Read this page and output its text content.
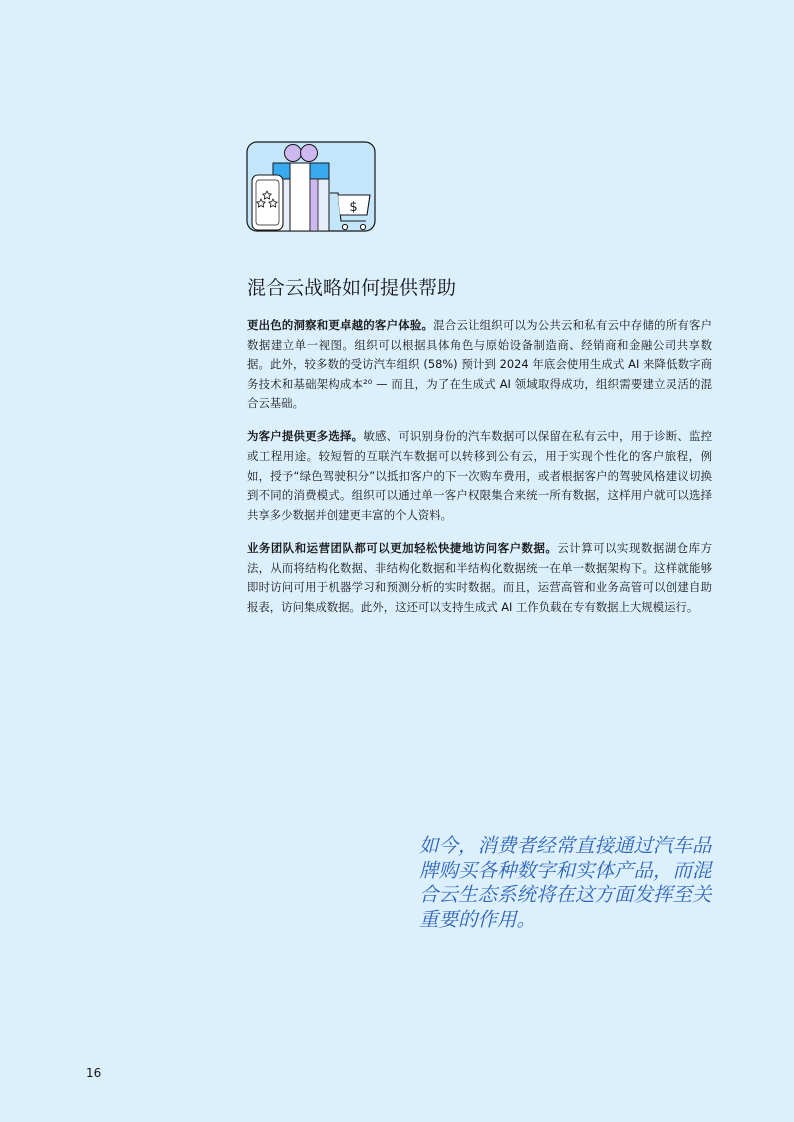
$
混合云战略如何提供帮助

更出色的洞察和更卓越的客户体验。混合云让组织可以为公共云和私有云中存储的所有客户数据建立单一视图。组织可以根据具体角色与原始设备制造商、经销商和金融公司共享数据。此外，较多数的受访汽车组织 (58%) 预计到 2024 年底会使用生成式 AI 来降低数字商务技术和基础架构成本²⁰ — 而且，为了在生成式 AI 领域取得成功，组织需要建立灵活的混合云基础。

为客户提供更多选择。敏感、可识别身份的汽车数据可以保留在私有云中，用于诊断、监控或工程用途。较短暂的互联汽车数据可以转移到公有云，用于实现个性化的客户旅程，例如，授予“绿色驾驶积分”以抵扣客户的下一次购车费用，或者根据客户的驾驶风格建议切换到不同的消费模式。组织可以通过单一客户权限集合来统一所有数据，这样用户就可以选择共享多少数据并创建更丰富的个人资料。

业务团队和运营团队都可以更加轻松快捷地访问客户数据。云计算可以实现数据湖仓库方法，从而将结构化数据、非结构化数据和半结构化数据统一在单一数据架构下。这样就能够即时访问可用于机器学习和预测分析的实时数据。而且，运营高管和业务高管可以创建自助报表，访问集成数据。此外，这还可以支持生成式 AI 工作负载在专有数据上大规模运行。

如今，消费者经常直接通过汽车品牌购买各种数字和实体产品，而混合云生态系统将在这方面发挥至关重要的作用。

16
